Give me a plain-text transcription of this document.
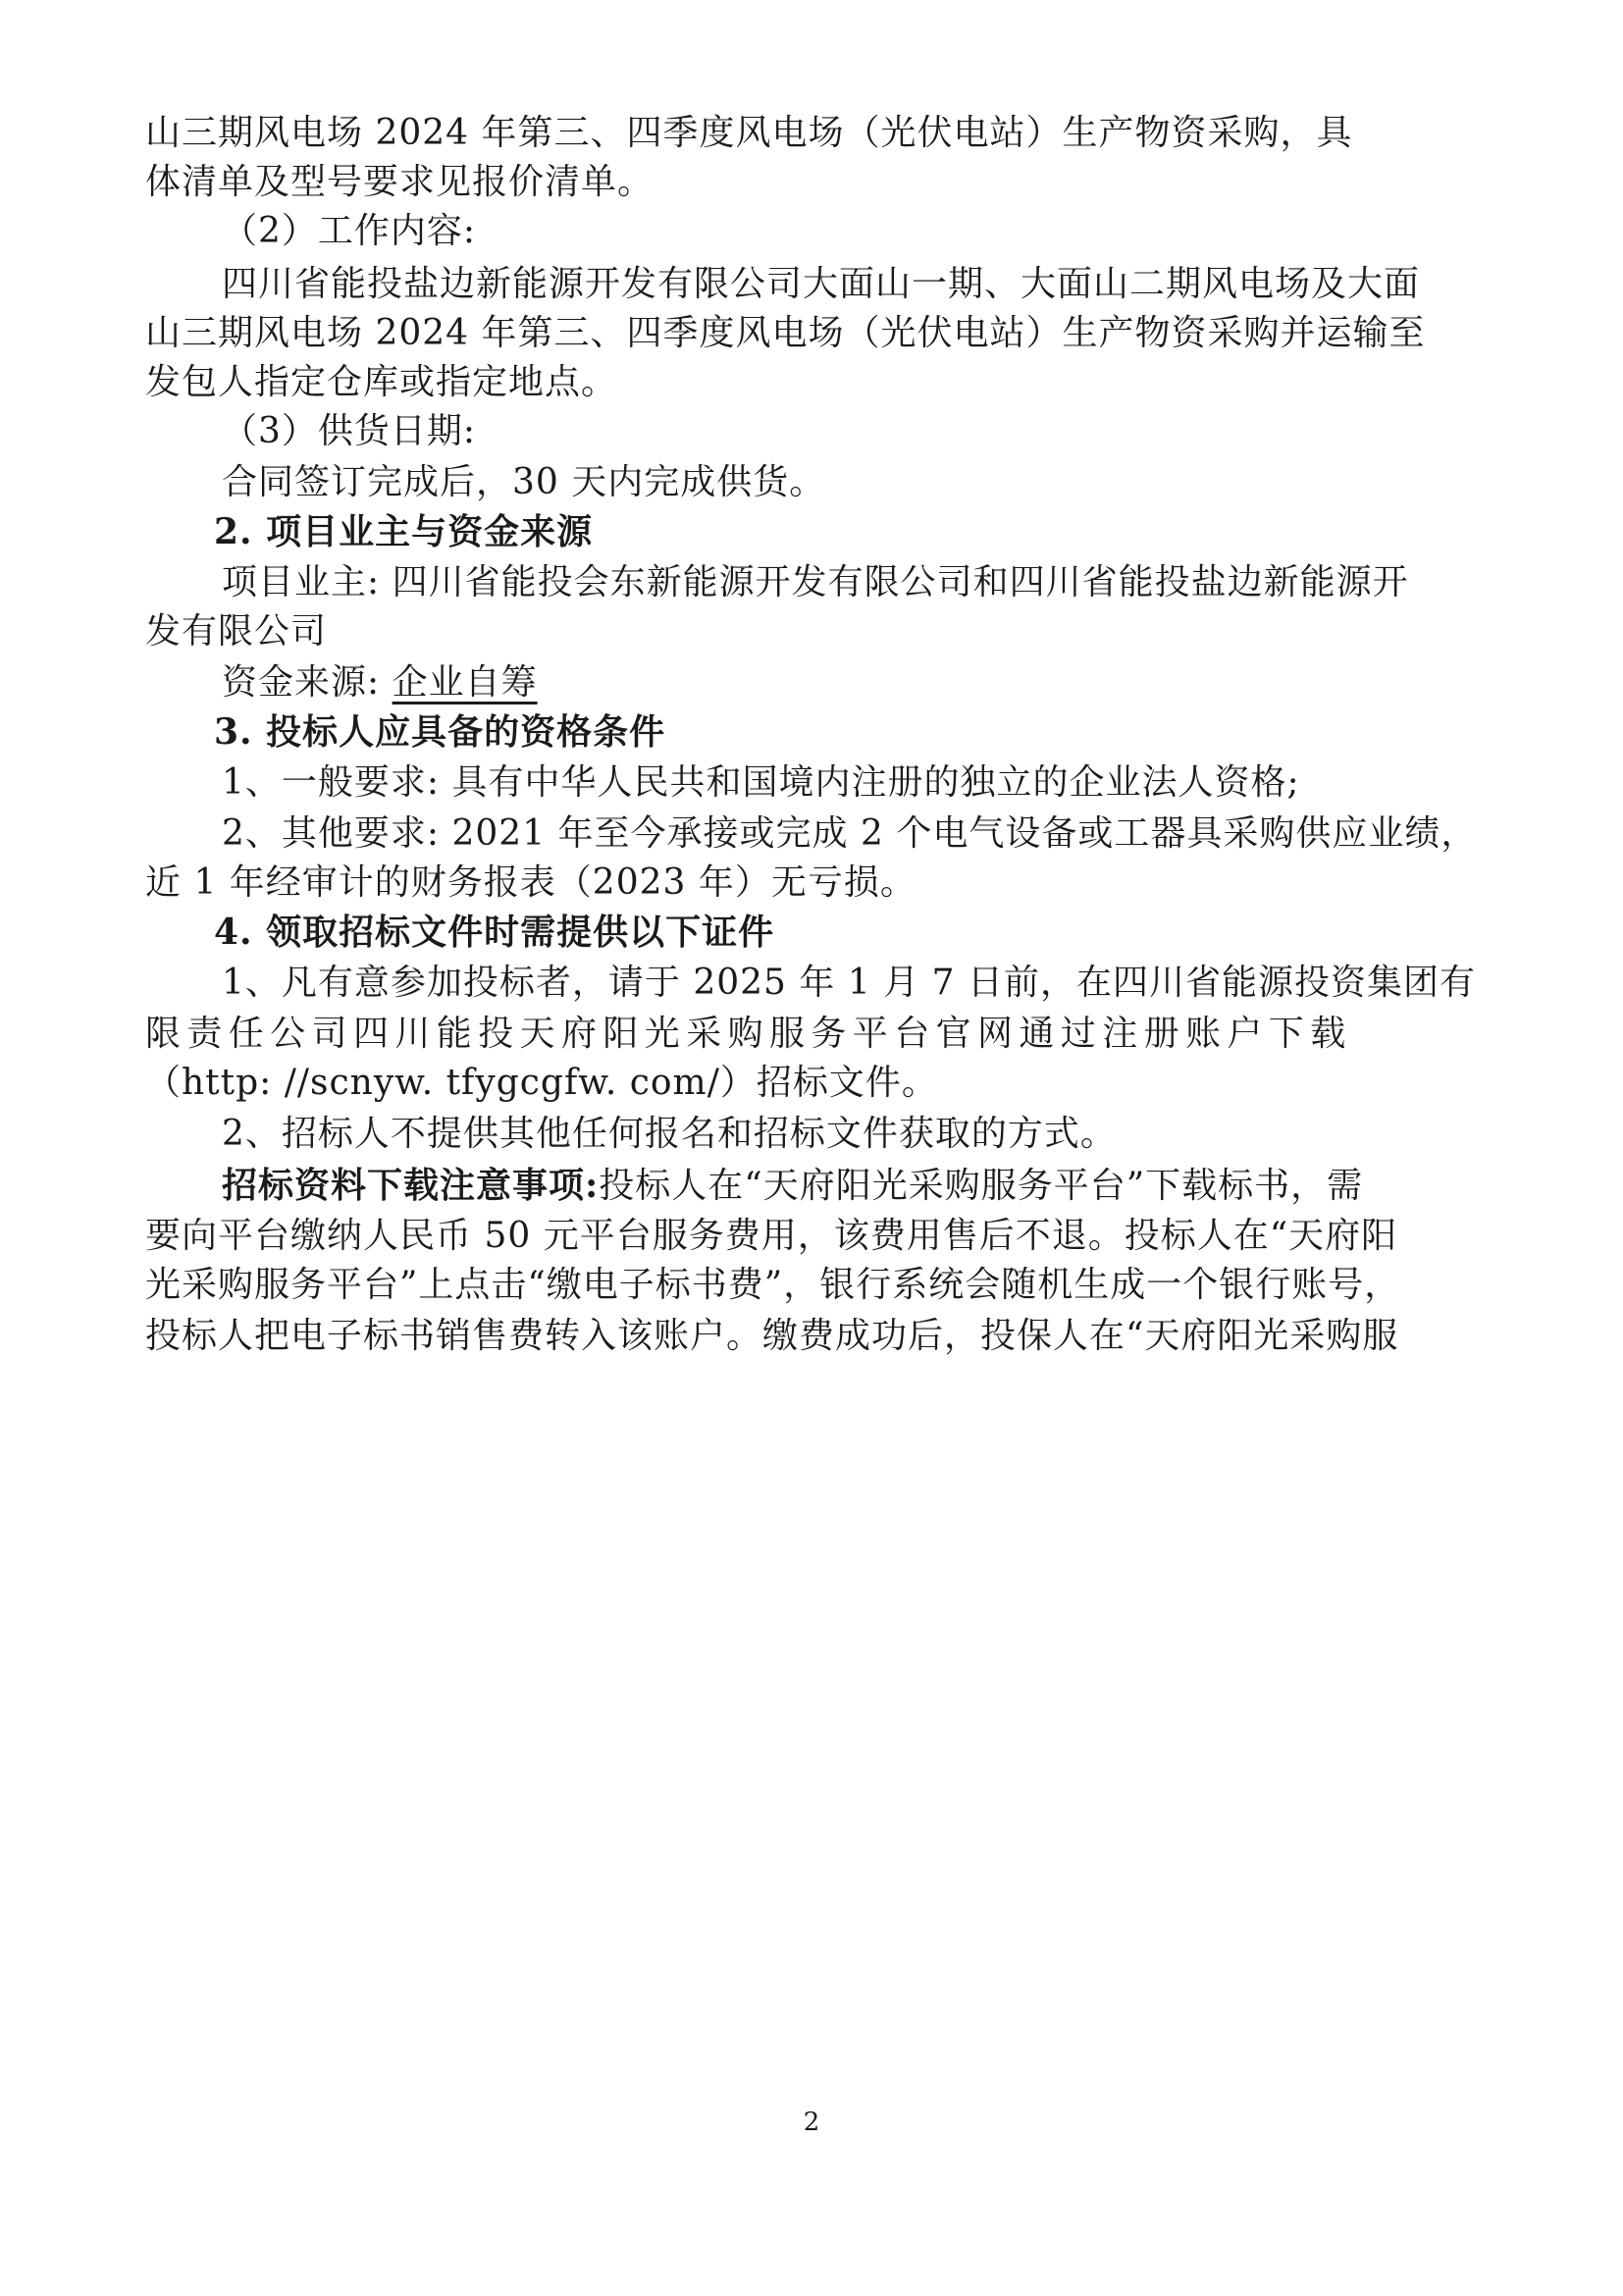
山三期风电场 2024 年第三、四季度风电场（光伏电站）生产物资采购，具
体清单及型号要求见报价清单。
（2）工作内容:
四川省能投盐边新能源开发有限公司大面山一期、大面山二期风电场及大面
山三期风电场 2024 年第三、四季度风电场（光伏电站）生产物资采购并运输至
发包人指定仓库或指定地点。
（3）供货日期:
合同签订完成后，30 天内完成供货。
2. 项目业主与资金来源
项目业主: 四川省能投会东新能源开发有限公司和四川省能投盐边新能源开
发有限公司
资金来源: 企业自筹
3. 投标人应具备的资格条件
1、一般要求: 具有中华人民共和国境内注册的独立的企业法人资格;
2、其他要求: 2021 年至今承接或完成 2 个电气设备或工器具采购供应业绩，
近 1 年经审计的财务报表（2023 年）无亏损。
4. 领取招标文件时需提供以下证件
1、凡有意参加投标者，请于 2025 年 1 月 7 日前，在四川省能源投资集团有
限责任公司四川能投天府阳光采购服务平台官网通过注册账户下载
（http: //scnyw. tfygcgfw. com/）招标文件。
2、招标人不提供其他任何报名和招标文件获取的方式。
招标资料下载注意事项:投标人在“天府阳光采购服务平台”下载标书，需
要向平台缴纳人民币 50 元平台服务费用，该费用售后不退。投标人在“天府阳
光采购服务平台”上点击“缴电子标书费”，银行系统会随机生成一个银行账号，
投标人把电子标书销售费转入该账户。缴费成功后，投保人在“天府阳光采购服
2
